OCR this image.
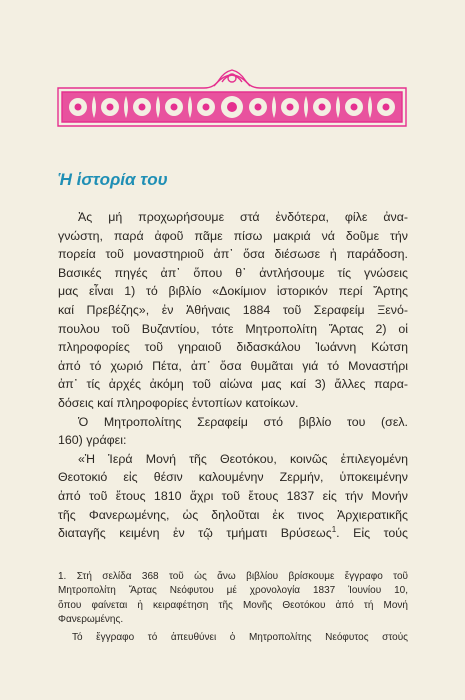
Ἡ ἱστορία του
Ἀς μή προχωρήσουμε στά ἐνδότερα, φίλε ἀνα-
γνώστη, παρά ἀφοῦ πᾶμε πίσω μακριά νά δοῦμε τήν
πορεία τοῦ μοναστηριοῦ ἀπ᾽ ὅσα διέσωσε ἡ παράδοση.
Βασικές πηγές ἀπ᾽ ὅπου θ᾽ ἀντλήσουμε τίς γνώσεις
μας εἶναι 1) τό βιβλίο «Δοκίμιον ἱστορικόν περί Ἄρτης
καί Πρεβέζης», ἐν Ἀθήναις 1884 τοῦ Σεραφείμ Ξενό-
πουλου τοῦ Βυζαντίου, τότε Μητροπολίτη Ἄρτας 2) οἱ
πληροφορίες τοῦ γηραιοῦ διδασκάλου Ἰωάννη Κώτση
ἀπό τό χωριό Πέτα, ἀπ᾽ ὅσα θυμᾶται γιά τό Μοναστήρι
ἀπ᾽ τίς ἀρχές ἀκόμη τοῦ αἰώνα μας καί 3) ἄλλες παρα-
δόσεις καί πληροφορίες ἐντοπίων κατοίκων.
Ὁ Μητροπολίτης Σεραφείμ στό βιβλίο του (σελ.
160) γράφει:
«Ἡ Ἱερά Μονή τῆς Θεοτόκου, κοινῶς ἐπιλεγομένη
Θεοτοκιό εἰς θέσιν καλουμένην Ζερμήν, ὑποκειμένην
ἀπό τοῦ ἔτους 1810 ἄχρι τοῦ ἔτους 1837 εἰς τήν Μονήν
τῆς Φανερωμένης, ὡς δηλοῦται ἐκ τινος Ἀρχιερατικῆς
διαταγῆς κειμένη ἐν τῷ τμήματι Βρύσεως$^1$. Εἰς τούς
1. Στή σελίδα 368 τοῦ ὡς ἄνω βιβλίου βρίσκουμε ἔγγραφο τοῦ
Μητροπολίτη Ἄρτας Νεόφυτου μέ χρονολογία 1837 Ἰουνίου 10,
ὅπου φαίνεται ἡ κειραφέτηση τῆς Μονῆς Θεοτόκου ἀπό τή Μονή
Φανερωμένης.
Τό ἔγγραφο τό ἀπευθύνει ὁ Μητροπολίτης Νεόφυτος στούς
